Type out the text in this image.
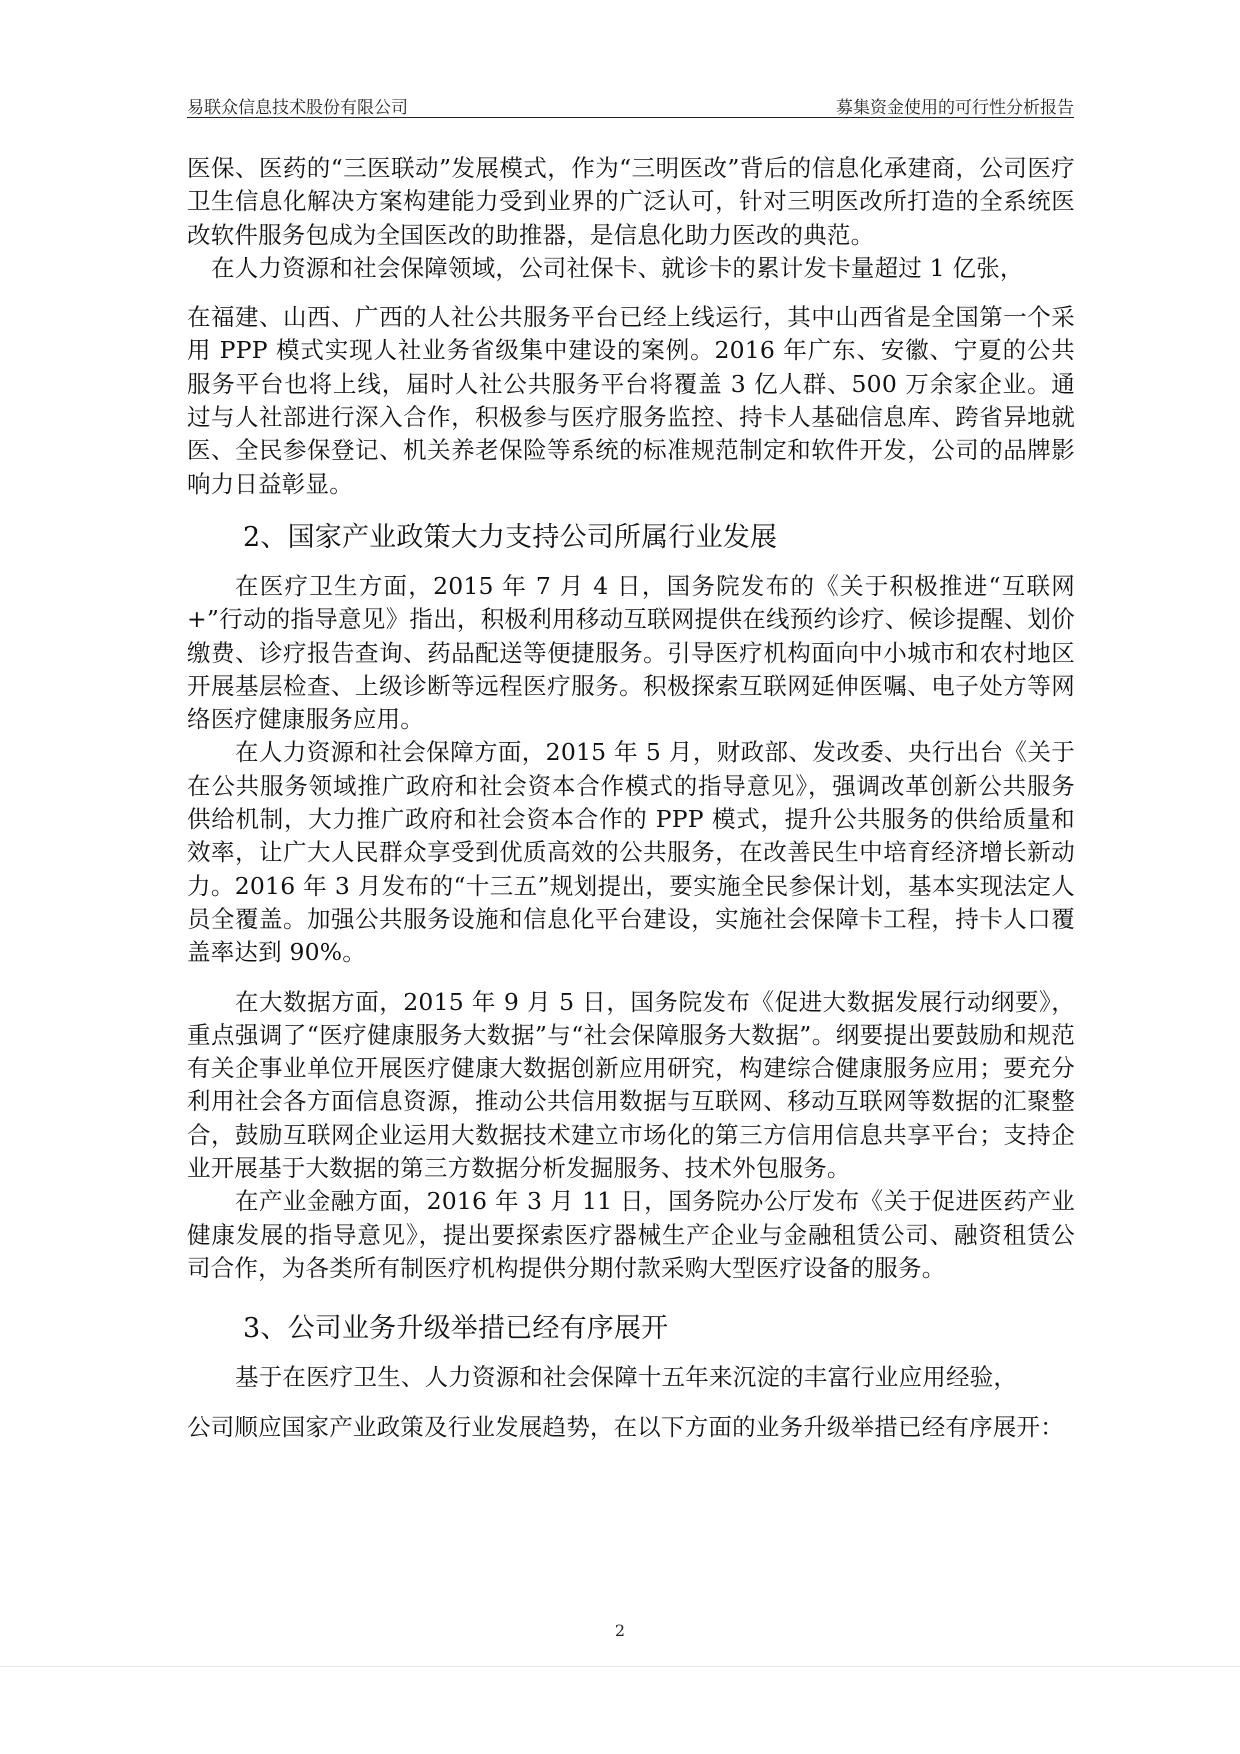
易联众信息技术股份有限公司	募集资金使用的可行性分析报告

医保、医药的“三医联动”发展模式，作为“三明医改”背后的信息化承建商，公司医疗卫生信息化解决方案构建能力受到业界的广泛认可，针对三明医改所打造的全系统医改软件服务包成为全国医改的助推器，是信息化助力医改的典范。

在人力资源和社会保障领域，公司社保卡、就诊卡的累计发卡量超过 1 亿张，

在福建、山西、广西的人社公共服务平台已经上线运行，其中山西省是全国第一个采用 PPP 模式实现人社业务省级集中建设的案例。2016 年广东、安徽、宁夏的公共服务平台也将上线，届时人社公共服务平台将覆盖 3 亿人群、500 万余家企业。通过与人社部进行深入合作，积极参与医疗服务监控、持卡人基础信息库、跨省异地就医、全民参保登记、机关养老保险等系统的标准规范制定和软件开发，公司的品牌影响力日益彰显。

2、国家产业政策大力支持公司所属行业发展

在医疗卫生方面，2015 年 7 月 4 日，国务院发布的《关于积极推进“互联网+”行动的指导意见》指出，积极利用移动互联网提供在线预约诊疗、候诊提醒、划价缴费、诊疗报告查询、药品配送等便捷服务。引导医疗机构面向中小城市和农村地区开展基层检查、上级诊断等远程医疗服务。积极探索互联网延伸医嘱、电子处方等网络医疗健康服务应用。

在人力资源和社会保障方面，2015 年 5 月，财政部、发改委、央行出台《关于在公共服务领域推广政府和社会资本合作模式的指导意见》，强调改革创新公共服务供给机制，大力推广政府和社会资本合作的 PPP 模式，提升公共服务的供给质量和效率，让广大人民群众享受到优质高效的公共服务，在改善民生中培育经济增长新动力。2016 年 3 月发布的“十三五”规划提出，要实施全民参保计划，基本实现法定人员全覆盖。加强公共服务设施和信息化平台建设，实施社会保障卡工程，持卡人口覆盖率达到 90%。

在大数据方面，2015 年 9 月 5 日，国务院发布《促进大数据发展行动纲要》，重点强调了“医疗健康服务大数据”与“社会保障服务大数据”。纲要提出要鼓励和规范有关企事业单位开展医疗健康大数据创新应用研究，构建综合健康服务应用；要充分利用社会各方面信息资源，推动公共信用数据与互联网、移动互联网等数据的汇聚整合，鼓励互联网企业运用大数据技术建立市场化的第三方信用信息共享平台；支持企业开展基于大数据的第三方数据分析发掘服务、技术外包服务。

在产业金融方面，2016 年 3 月 11 日，国务院办公厅发布《关于促进医药产业健康发展的指导意见》，提出要探索医疗器械生产企业与金融租赁公司、融资租赁公司合作，为各类所有制医疗机构提供分期付款采购大型医疗设备的服务。

3、公司业务升级举措已经有序展开

基于在医疗卫生、人力资源和社会保障十五年来沉淀的丰富行业应用经验，

公司顺应国家产业政策及行业发展趋势，在以下方面的业务升级举措已经有序展开：

2
